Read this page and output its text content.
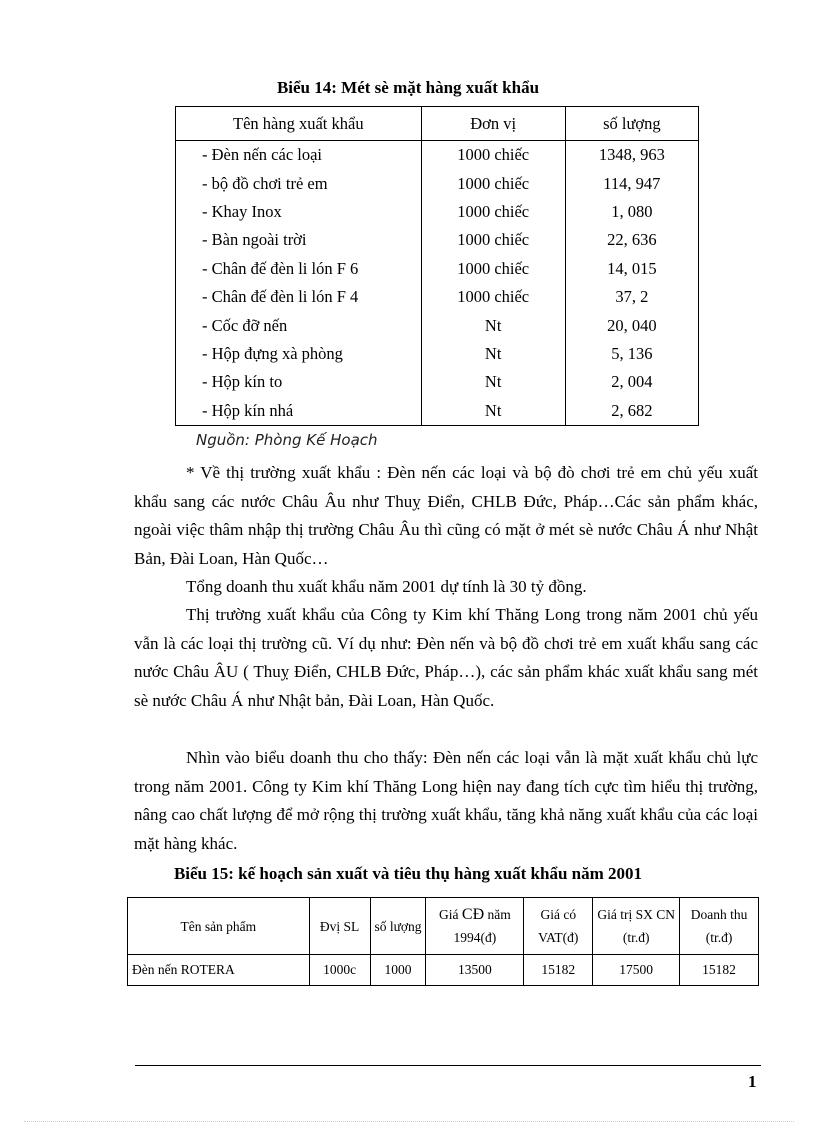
Biểu 14: Mét sè mặt hàng xuất khẩu
Tên hàng xuất khẩu	Đơn vị	số lượng
- Đèn nến các loại	1000 chiếc	1348, 963
- bộ đồ chơi trẻ em	1000 chiếc	114, 947
- Khay Inox	1000 chiếc	1, 080
- Bàn ngoài trời	1000 chiếc	22, 636
- Chân đế đèn li lón F 6	1000 chiếc	14, 015
- Chân đế đèn li lón F 4	1000 chiếc	37, 2
- Cốc đỡ nến	Nt	20, 040
- Hộp đựng xà phòng	Nt	5, 136
- Hộp kín to	Nt	2, 004
- Hộp kín nhá	Nt	2, 682
Nguồn: Phòng Kế Hoạch

* Về thị trường xuất khẩu : Đèn nến các loại và bộ đò chơi trẻ em chủ yếu xuất khẩu sang các nước Châu Âu như Thuỵ Điển, CHLB Đức, Pháp…Các sản phẩm khác, ngoài việc thâm nhập thị trường Châu Âu thì cũng có mặt ở mét sè nước Châu Á như Nhật Bản, Đài Loan, Hàn Quốc…

Tổng doanh thu xuất khẩu năm 2001 dự tính là 30 tỷ đồng.

Thị trường xuất khẩu của Công ty Kim khí Thăng Long trong năm 2001 chủ yếu vẫn là các loại thị trường cũ. Ví dụ như: Đèn nến và bộ đồ chơi trẻ em xuất khẩu sang các nước Châu ÂU ( Thuỵ Điển, CHLB Đức, Pháp…), các sản phẩm khác xuất khẩu sang mét sè nước Châu Á như Nhật bản, Đài Loan, Hàn Quốc.

Nhìn vào biểu doanh thu cho thấy: Đèn nến các loại vẫn là mặt xuất khẩu chủ lực trong năm 2001. Công ty Kim khí Thăng Long hiện nay đang tích cực tìm hiểu thị trường, nâng cao chất lượng để mở rộng thị trường xuất khẩu, tăng khả năng xuất khẩu của các loại mặt hàng khác.

Biểu 15: kế hoạch sản xuất và tiêu thụ hàng xuất khẩu năm 2001
Tên sản phẩm	Đvị SL	số lượng	Giá CĐ năm 1994(đ)	Giá có VAT(đ)	Giá trị SX CN (tr.đ)	Doanh thu (tr.đ)
Đèn nến ROTERA	1000c	1000	13500	15182	17500	15182
1
